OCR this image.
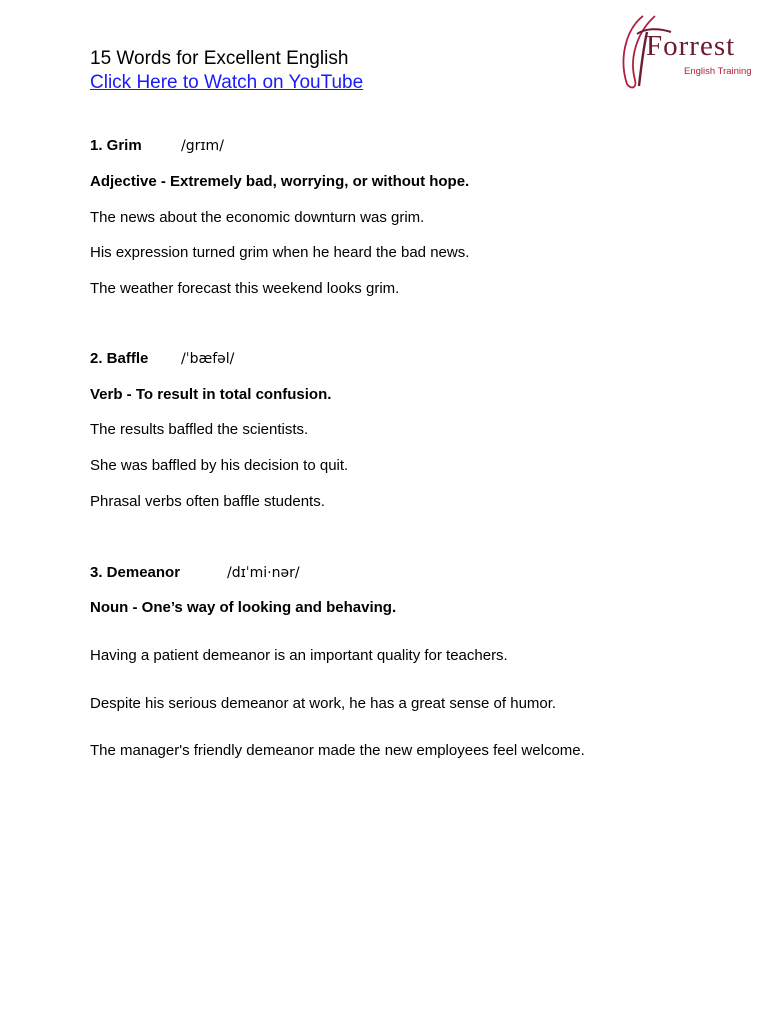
15 Words for Excellent English
Click Here to Watch on YouTube
Forrest
English Training
1. Grim	/grɪm/
Adjective - Extremely bad, worrying, or without hope.
The news about the economic downturn was grim.
His expression turned grim when he heard the bad news.
The weather forecast this weekend looks grim.
2. Baffle /ˈbæfəl/
Verb - To result in total confusion.
The results baffled the scientists.
She was baffled by his decision to quit.
Phrasal verbs often baffle students.
3. Demeanor	/dɪˈmi·nər/
Noun - One’s way of looking and behaving.
Having a patient demeanor is an important quality for teachers.
Despite his serious demeanor at work, he has a great sense of humor.
The manager's friendly demeanor made the new employees feel welcome.
